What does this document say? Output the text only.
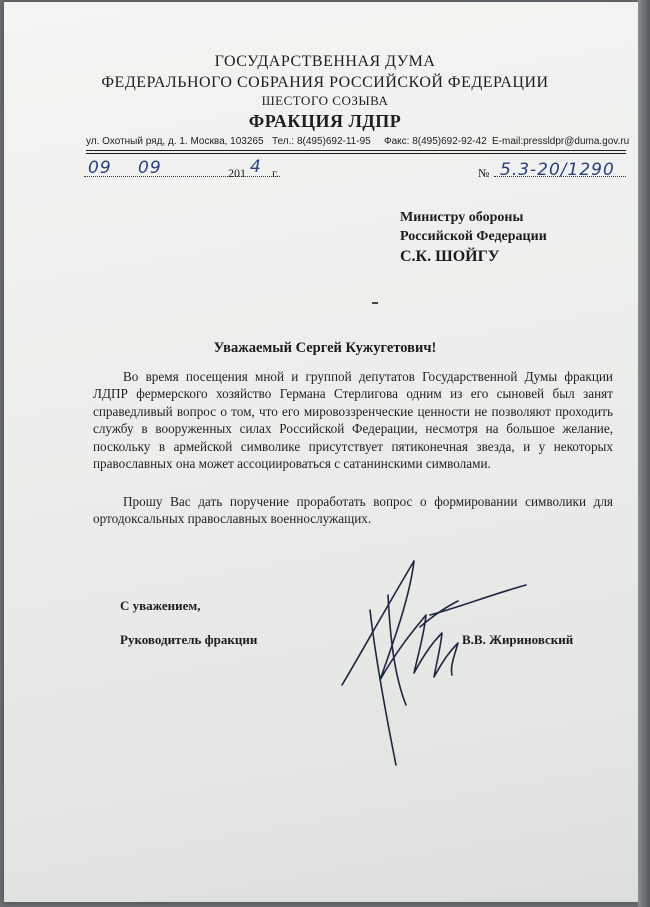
ГОСУДАРСТВЕННАЯ ДУМА
ФЕДЕРАЛЬНОГО СОБРАНИЯ РОССИЙСКОЙ ФЕДЕРАЦИИ
ШЕСТОГО СОЗЫВА
ФРАКЦИЯ ЛДПР
ул. Охотный ряд, д. 1. Москва, 103265 Тел.: 8(495)692-11-95 Факс: 8(495)692-92-42 E-mail:pressldpr@duma.gov.ru
09 09	201 4 г.	№ 5.3-20/1290
Министру обороны
Российской Федерации
С.К. ШОЙГУ
Уважаемый Сергей Кужугетович!
Во время посещения мной и группой депутатов Государственной Думы фракции ЛДПР фермерского хозяйство Германа Стерлигова одним из его сыновей был занят справедливый вопрос о том, что его мировоззренческие ценности не позволяют проходить службу в вооруженных силах Российской Федерации, несмотря на большое желание, поскольку в армейской символике присутствует пятиконечная звезда, и у некоторых православных она может ассоциироваться с сатанинскими символами.
Прошу Вас дать поручение проработать вопрос о формировании символики для ортодоксальных православных военнослужащих.
С уважением,
Руководитель фракции	В.В. Жириновский
